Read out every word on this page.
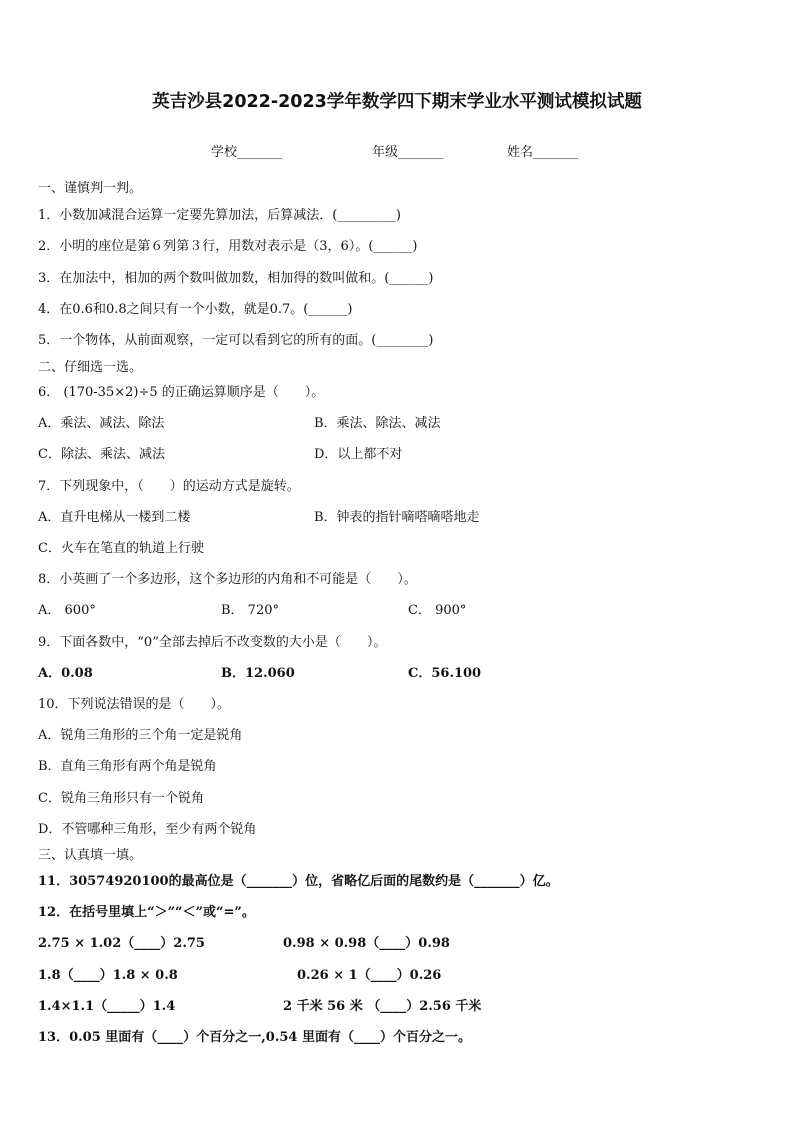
英吉沙县2022-2023学年数学四下期末学业水平测试模拟试题
学校_______	年级_______	姓名_______
一、谨慎判一判。
1．小数加减混合运算一定要先算加法，后算减法．(_________)
2．小明的座位是第６列第３行，用数对表示是（3，6）。(______)
3．在加法中，相加的两个数叫做加数，相加得的数叫做和。(______)
4．在0.6和0.8之间只有一个小数，就是0.7。(______)
5．一个物体，从前面观察，一定可以看到它的所有的面。(________)
二、仔细选一选。
6． (170-35×2)÷5 的正确运算顺序是（　　）。
A．乘法、减法、除法	B．乘法、除法、减法
C．除法、乘法、减法	D．以上都不对
7．下列现象中，（　　）的运动方式是旋转。
A．直升电梯从一楼到二楼	B．钟表的指针嘀嗒嘀嗒地走
C．火车在笔直的轨道上行驶
8．小英画了一个多边形，这个多边形的内角和不可能是（　　）。
A． 600°	B． 720°	C． 900°
9．下面各数中，“0”全部去掉后不改变数的大小是（　　）。
A．0.08	B．12.060	C．56.100
10．下列说法错误的是（　　）。
A．锐角三角形的三个角一定是锐角
B．直角三角形有两个角是锐角
C．锐角三角形只有一个锐角
D．不管哪种三角形，至少有两个锐角
三、认真填一填。
11．30574920100的最高位是（_______）位，省略亿后面的尾数约是（_______）亿。
12．在括号里填上“＞”“＜”或“=”。
2.75 × 1.02（____）2.75	0.98 × 0.98（____）0.98
1.8（____）1.8 × 0.8	0.26 × 1（____）0.26
1.4×1.1（_____）1.4	2 千米 56 米 （____）2.56 千米
13．0.05 里面有（____）个百分之一,0.54 里面有（____）个百分之一。
